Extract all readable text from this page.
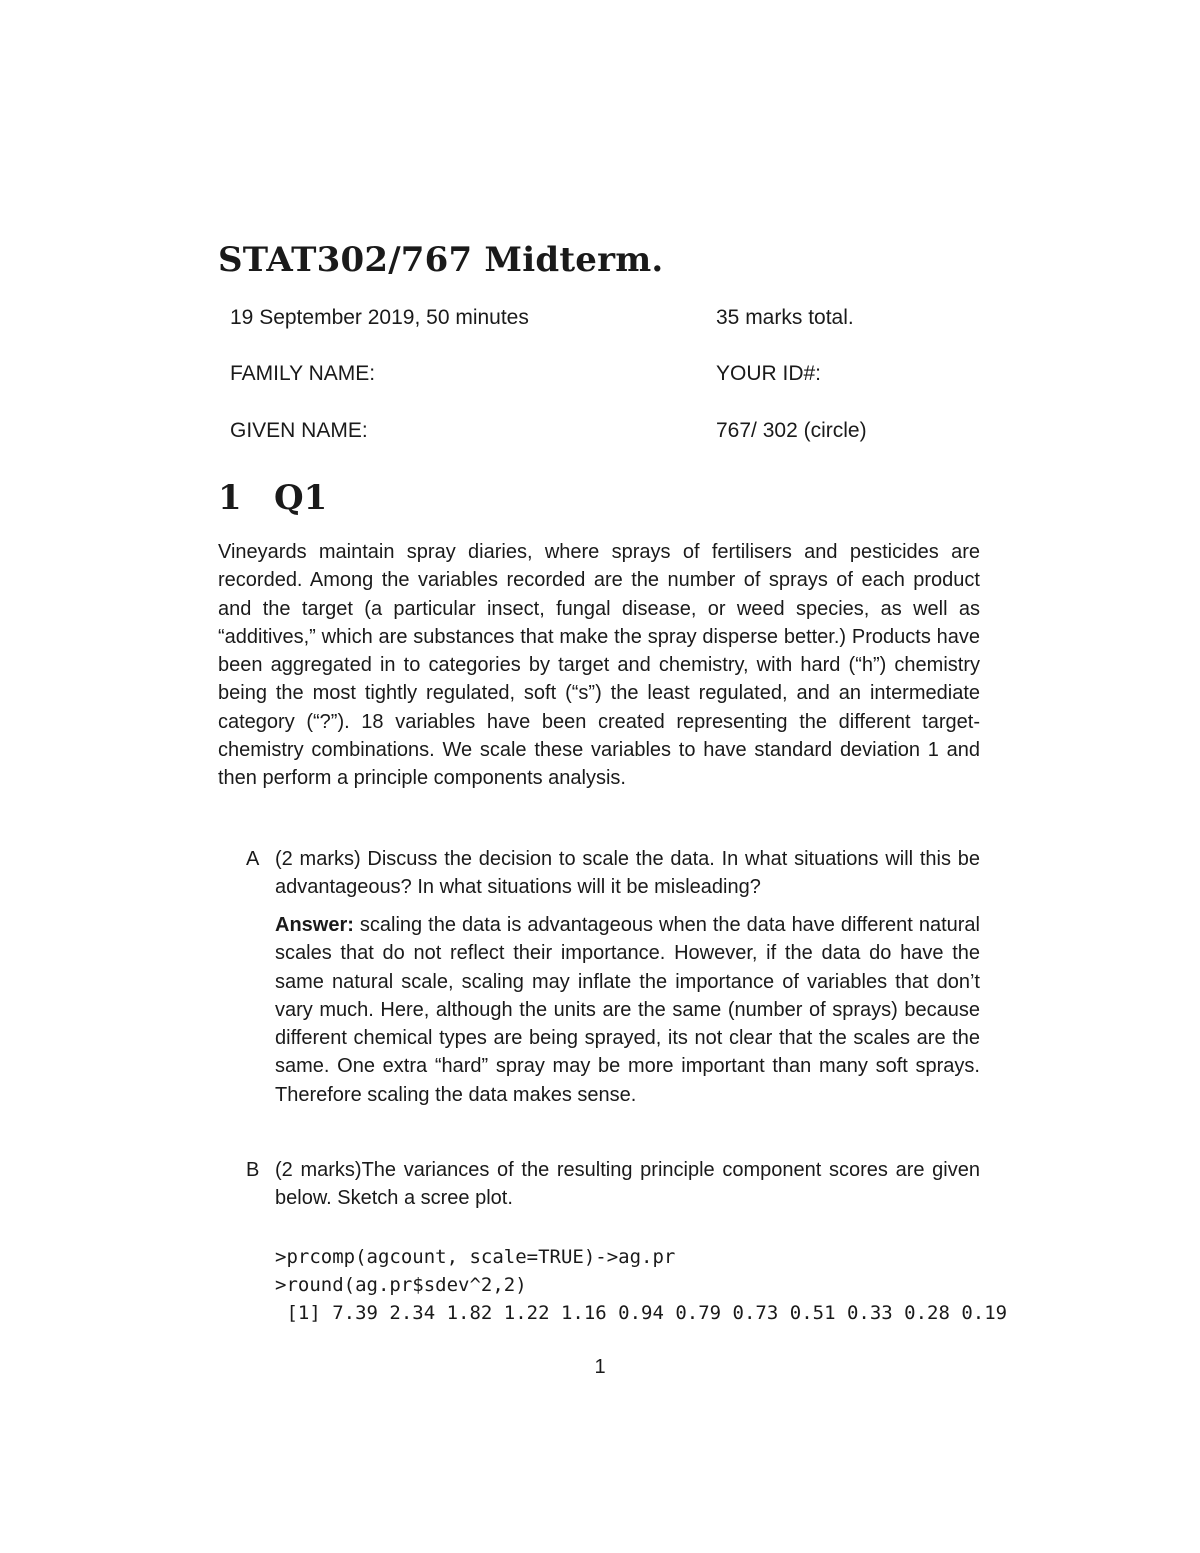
STAT302/767 Midterm.
19 September 2019, 50 minutes	35 marks total.
FAMILY NAME:	YOUR ID#:
GIVEN NAME:	767/ 302 (circle)
1 Q1
Vineyards maintain spray diaries, where sprays of fertilisers and pesticides are recorded. Among the variables recorded are the number of sprays of each product and the target (a particular insect, fungal disease, or weed species, as well as “additives,” which are substances that make the spray disperse better.) Products have been aggregated in to categories by target and chemistry, with hard (“h”) chemistry being the most tightly regulated, soft (“s”) the least regulated, and an intermediate category (“?”). 18 variables have been created representing the different target-chemistry combinations. We scale these variables to have standard deviation 1 and then perform a principle components analysis.
A (2 marks) Discuss the decision to scale the data. In what situations will this be advantageous? In what situations will it be misleading?
Answer: scaling the data is advantageous when the data have different natural scales that do not reflect their importance. However, if the data do have the same natural scale, scaling may inflate the importance of variables that don’t vary much. Here, although the units are the same (number of sprays) because different chemical types are being sprayed, its not clear that the scales are the same. One extra “hard” spray may be more important than many soft sprays. Therefore scaling the data makes sense.
B (2 marks)The variances of the resulting principle component scores are given below. Sketch a scree plot.
>prcomp(agcount, scale=TRUE)->ag.pr
>round(ag.pr$sdev^2,2)
[1] 7.39 2.34 1.82 1.22 1.16 0.94 0.79 0.73 0.51 0.33 0.28 0.19
1
